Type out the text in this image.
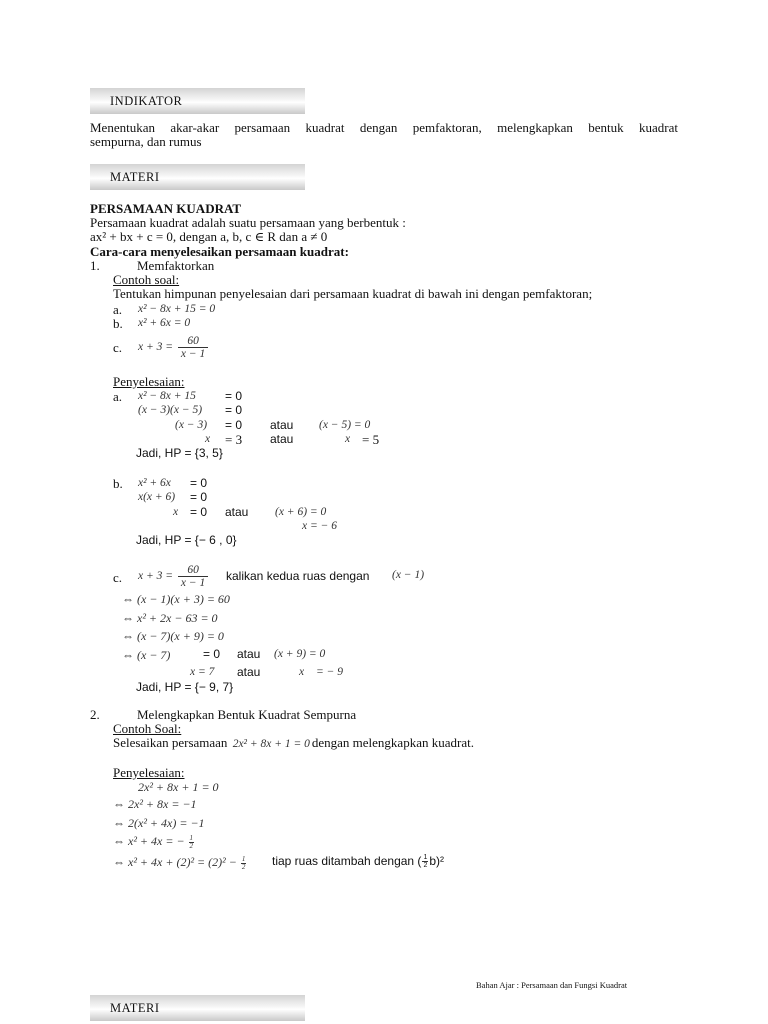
INDIKATOR
Menentukan akar-akar persamaan kuadrat dengan pemfaktoran, melengkapkan bentuk kuadrat
sempurna, dan rumus
MATERI
PERSAMAAN KUADRAT
Persamaan kuadrat adalah suatu persamaan yang berbentuk :
ax² + bx + c = 0, dengan a, b, c ∈ R dan a ≠ 0
Cara-cara menyelesaikan persamaan kuadrat:
1.	Memfaktorkan
Contoh soal:
Tentukan himpunan penyelesaian dari persamaan kuadrat di bawah ini dengan pemfaktoran;
a. x² − 8x + 15 = 0
b. x² + 6x = 0
c. $x + 3 = \frac{60}{x - 1}$
Penyelesaian:
a. x² − 8x + 15 = 0
(x − 3)(x − 5) = 0
(x − 3) = 0 atau (x − 5) = 0
x = 3 atau	x = 5
Jadi, HP = {3, 5}
b. x² + 6x = 0
x(x + 6) = 0
x = 0 atau (x + 6) = 0
x = − 6
Jadi, HP = {− 6 , 0}
c. $x + 3 = \frac{60}{x - 1}$ kalikan kedua ruas dengan (x − 1)
⇔ (x − 1)(x + 3) = 60
⇔ x² + 2x − 63 = 0
⇔ (x − 7)(x + 9) = 0
⇔ (x − 7)	= 0 atau (x + 9) = 0
x = 7 atau	x = − 9
Jadi, HP = {− 9, 7}
2.	Melengkapkan Bentuk Kuadrat Sempurna
Contoh Soal:
Selesaikan persamaan 2x² + 8x + 1 = 0 dengan melengkapkan kuadrat.
Penyelesaian:
2x² + 8x + 1 = 0
⇔ 2x² + 8x = −1
⇔ 2(x² + 4x) = −1
⇔ x² + 4x = − $\frac{1}{2}$
⇔ $x^2 + 4x + (2)^2 = (2)^2 - \frac{1}{2}$ tiap ruas ditambah dengan ( $\frac{1}{2} b)^2$
Bahan Ajar : Persamaan dan Fungsi Kuadrat
MATERI
